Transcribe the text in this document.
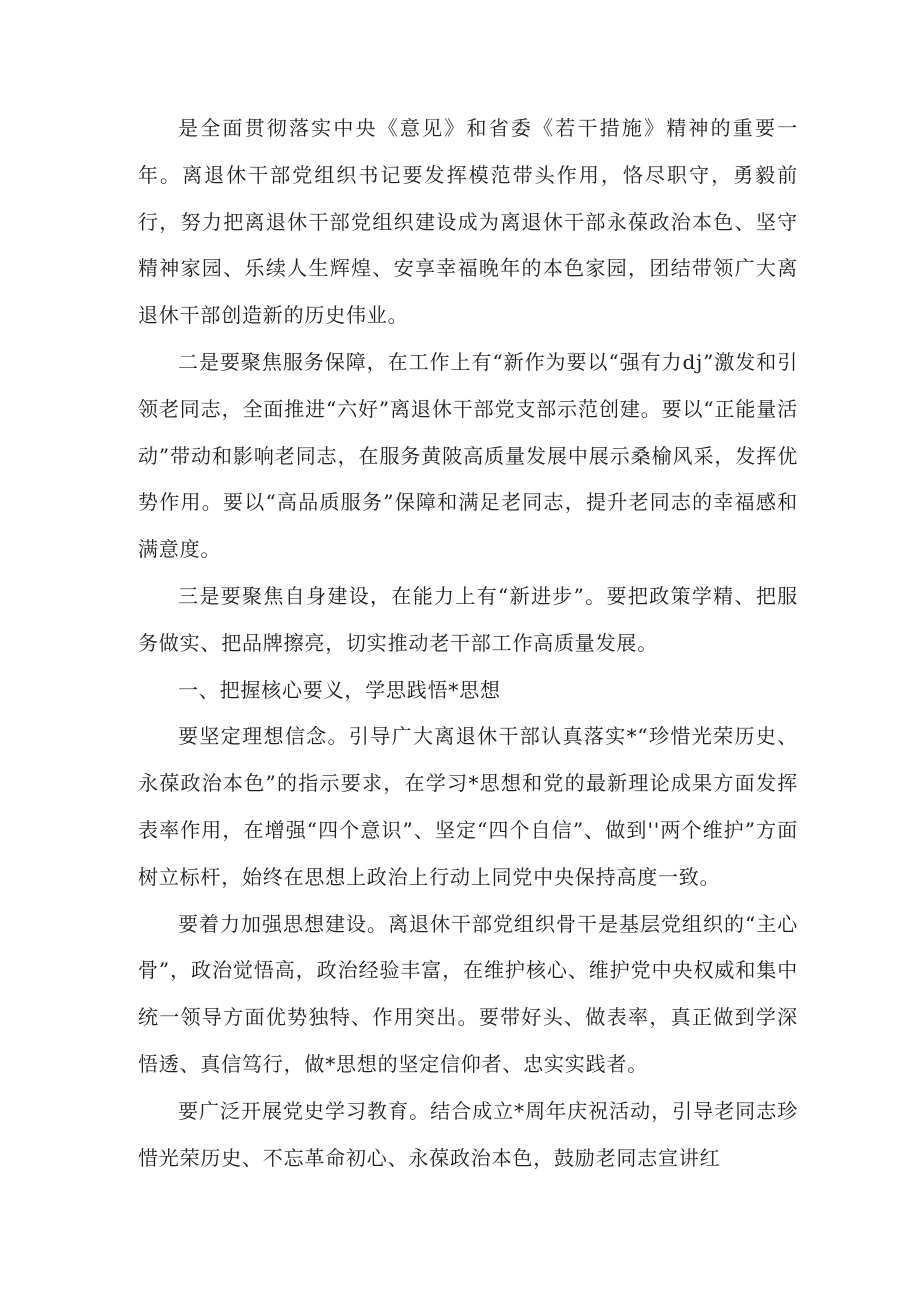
是全面贯彻落实中央《意见》和省委《若干措施》精神的重要一年。离退休干部党组织书记要发挥模范带头作用，恪尽职守，勇毅前行，努力把离退休干部党组织建设成为离退休干部永葆政治本色、坚守精神家园、乐续人生辉煌、安享幸福晚年的本色家园，团结带领广大离退休干部创造新的历史伟业。

二是要聚焦服务保障，在工作上有“新作为要以“强有力dj”激发和引领老同志，全面推进“六好”离退休干部党支部示范创建。要以“正能量活动”带动和影响老同志，在服务黄陂高质量发展中展示桑榆风采，发挥优势作用。要以“高品质服务”保障和满足老同志，提升老同志的幸福感和满意度。

三是要聚焦自身建设，在能力上有“新进步”。要把政策学精、把服务做实、把品牌擦亮，切实推动老干部工作高质量发展。

一、把握核心要义，学思践悟*思想

要坚定理想信念。引导广大离退休干部认真落实*“珍惜光荣历史、永葆政治本色”的指示要求，在学习*思想和党的最新理论成果方面发挥表率作用，在增强“四个意识”、坚定“四个自信”、做到''两个维护”方面树立标杆，始终在思想上政治上行动上同党中央保持高度一致。

要着力加强思想建设。离退休干部党组织骨干是基层党组织的“主心骨”，政治觉悟高，政治经验丰富，在维护核心、维护党中央权威和集中统一领导方面优势独特、作用突出。要带好头、做表率，真正做到学深悟透、真信笃行，做*思想的坚定信仰者、忠实实践者。

要广泛开展党史学习教育。结合成立*周年庆祝活动，引导老同志珍惜光荣历史、不忘革命初心、永葆政治本色，鼓励老同志宣讲红
